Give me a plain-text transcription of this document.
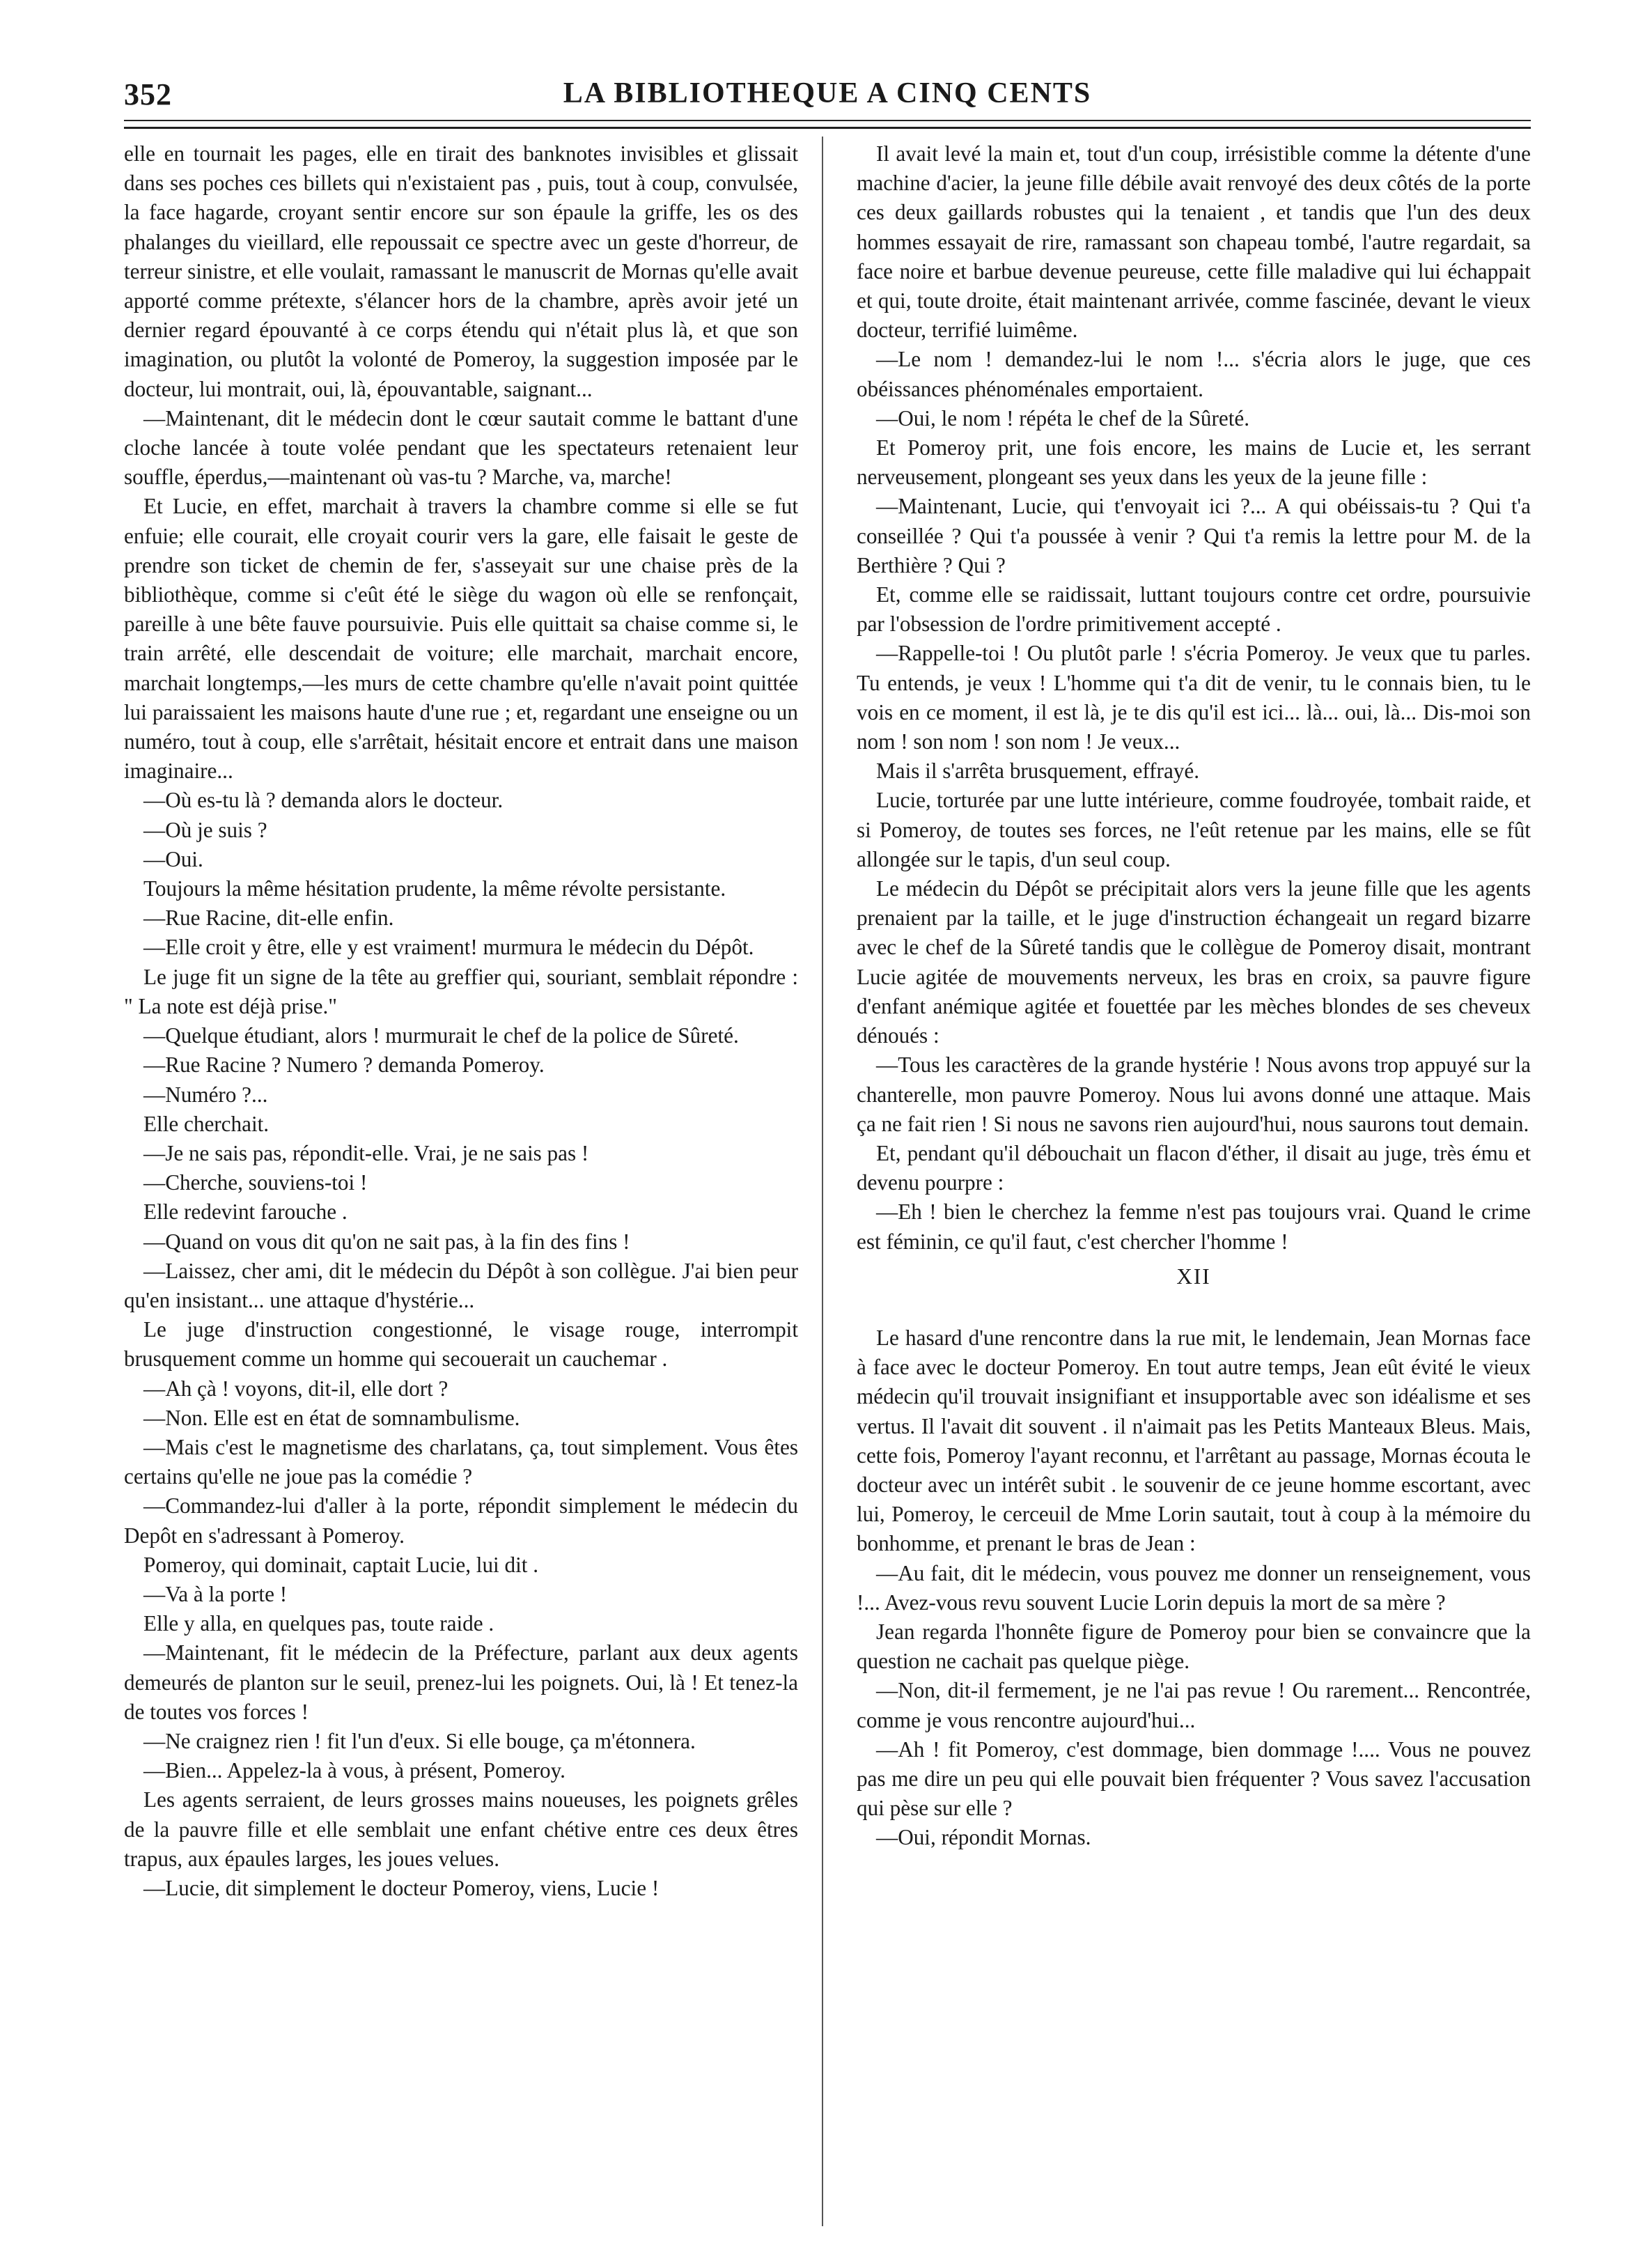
352	LA BIBLIOTHEQUE A CINQ CENTS

elle en tournait les pages, elle en tirait des banknotes invisibles et glissait dans ses poches ces billets qui n'existaient pas , puis, tout à coup, convulsée, la face hagarde, croyant sentir encore sur son épaule la griffe, les os des phalanges du vieillard, elle repoussait ce spectre avec un geste d'horreur, de terreur sinistre, et elle voulait, ramassant le manuscrit de Mornas qu'elle avait apporté comme prétexte, s'élancer hors de la chambre, après avoir jeté un dernier regard épouvanté à ce corps étendu qui n'était plus là, et que son imagination, ou plutôt la volonté de Pomeroy, la suggestion imposée par le docteur, lui montrait, oui, là, épouvantable, saignant...

—Maintenant, dit le médecin dont le cœur sautait comme le battant d'une cloche lancée à toute volée pendant que les spectateurs retenaient leur souffle, éperdus,—maintenant où vas-tu ? Marche, va, marche!

Et Lucie, en effet, marchait à travers la chambre comme si elle se fut enfuie; elle courait, elle croyait courir vers la gare, elle faisait le geste de prendre son ticket de chemin de fer, s'asseyait sur une chaise près de la bibliothèque, comme si c'eût été le siège du wagon où elle se renfonçait, pareille à une bête fauve poursuivie. Puis elle quittait sa chaise comme si, le train arrêté, elle descendait de voiture; elle marchait, marchait encore, marchait longtemps,—les murs de cette chambre qu'elle n'avait point quittée lui paraissaient les maisons haute d'une rue ; et, regardant une enseigne ou un numéro, tout à coup, elle s'arrêtait, hésitait encore et entrait dans une maison imaginaire...

—Où es-tu là ? demanda alors le docteur.

—Où je suis ?

—Oui.

Toujours la même hésitation prudente, la même révolte persistante.

—Rue Racine, dit-elle enfin.

—Elle croit y être, elle y est vraiment! murmura le médecin du Dépôt.

Le juge fit un signe de la tête au greffier qui, souriant, semblait répondre : " La note est déjà prise."

—Quelque étudiant, alors ! murmurait le chef de la police de Sûreté.

—Rue Racine ? Numero ? demanda Pomeroy.

—Numéro ?...

Elle cherchait.

—Je ne sais pas, répondit-elle. Vrai, je ne sais pas !

—Cherche, souviens-toi !

Elle redevint farouche .

—Quand on vous dit qu'on ne sait pas, à la fin des fins !

—Laissez, cher ami, dit le médecin du Dépôt à son collègue. J'ai bien peur qu'en insistant... une attaque d'hystérie...

Le juge d'instruction congestionné, le visage rouge, interrompit brusquement comme un homme qui secouerait un cauchemar .

—Ah çà ! voyons, dit-il, elle dort ?

—Non. Elle est en état de somnambulisme.

—Mais c'est le magnetisme des charlatans, ça, tout simplement. Vous êtes certains qu'elle ne joue pas la comédie ?

—Commandez-lui d'aller à la porte, répondit simplement le médecin du Depôt en s'adressant à Pomeroy.

Pomeroy, qui dominait, captait Lucie, lui dit .

—Va à la porte !

Elle y alla, en quelques pas, toute raide .

—Maintenant, fit le médecin de la Préfecture, parlant aux deux agents demeurés de planton sur le seuil, prenez-lui les poignets. Oui, là ! Et tenez-la de toutes vos forces !

—Ne craignez rien ! fit l'un d'eux. Si elle bouge, ça m'étonnera.

—Bien... Appelez-la à vous, à présent, Pomeroy.

Les agents serraient, de leurs grosses mains noueuses, les poignets grêles de la pauvre fille et elle semblait une enfant chétive entre ces deux êtres trapus, aux épaules larges, les joues velues.

—Lucie, dit simplement le docteur Pomeroy, viens, Lucie !

Il avait levé la main et, tout d'un coup, irrésistible comme la détente d'une machine d'acier, la jeune fille débile avait renvoyé des deux côtés de la porte ces deux gaillards robustes qui la tenaient , et tandis que l'un des deux hommes essayait de rire, ramassant son chapeau tombé, l'autre regardait, sa face noire et barbue devenue peureuse, cette fille maladive qui lui échappait et qui, toute droite, était maintenant arrivée, comme fascinée, devant le vieux docteur, terrifié luimême.

—Le nom ! demandez-lui le nom !... s'écria alors le juge, que ces obéissances phénoménales emportaient.

—Oui, le nom ! répéta le chef de la Sûreté.

Et Pomeroy prit, une fois encore, les mains de Lucie et, les serrant nerveusement, plongeant ses yeux dans les yeux de la jeune fille :

—Maintenant, Lucie, qui t'envoyait ici ?... A qui obéissais-tu ? Qui t'a conseillée ? Qui t'a poussée à venir ? Qui t'a remis la lettre pour M. de la Berthière ? Qui ?

Et, comme elle se raidissait, luttant toujours contre cet ordre, poursuivie par l'obsession de l'ordre primitivement accepté .

—Rappelle-toi ! Ou plutôt parle ! s'écria Pomeroy. Je veux que tu parles. Tu entends, je veux ! L'homme qui t'a dit de venir, tu le connais bien, tu le vois en ce moment, il est là, je te dis qu'il est ici... là... oui, là... Dis-moi son nom ! son nom ! son nom ! Je veux...

Mais il s'arrêta brusquement, effrayé.

Lucie, torturée par une lutte intérieure, comme foudroyée, tombait raide, et si Pomeroy, de toutes ses forces, ne l'eût retenue par les mains, elle se fût allongée sur le tapis, d'un seul coup.

Le médecin du Dépôt se précipitait alors vers la jeune fille que les agents prenaient par la taille, et le juge d'instruction échangeait un regard bizarre avec le chef de la Sûreté tandis que le collègue de Pomeroy disait, montrant Lucie agitée de mouvements nerveux, les bras en croix, sa pauvre figure d'enfant anémique agitée et fouettée par les mèches blondes de ses cheveux dénoués :

—Tous les caractères de la grande hystérie ! Nous avons trop appuyé sur la chanterelle, mon pauvre Pomeroy. Nous lui avons donné une attaque. Mais ça ne fait rien ! Si nous ne savons rien aujourd'hui, nous saurons tout demain.

Et, pendant qu'il débouchait un flacon d'éther, il disait au juge, très ému et devenu pourpre :

—Eh ! bien le cherchez la femme n'est pas toujours vrai. Quand le crime est féminin, ce qu'il faut, c'est chercher l'homme !

XII

Le hasard d'une rencontre dans la rue mit, le lendemain, Jean Mornas face à face avec le docteur Pomeroy. En tout autre temps, Jean eût évité le vieux médecin qu'il trouvait insignifiant et insupportable avec son idéalisme et ses vertus. Il l'avait dit souvent . il n'aimait pas les Petits Manteaux Bleus. Mais, cette fois, Pomeroy l'ayant reconnu, et l'arrêtant au passage, Mornas écouta le docteur avec un intérêt subit . le souvenir de ce jeune homme escortant, avec lui, Pomeroy, le cerceuil de Mme Lorin sautait, tout à coup à la mémoire du bonhomme, et prenant le bras de Jean :

—Au fait, dit le médecin, vous pouvez me donner un renseignement, vous !... Avez-vous revu souvent Lucie Lorin depuis la mort de sa mère ?

Jean regarda l'honnête figure de Pomeroy pour bien se convaincre que la question ne cachait pas quelque piège.

—Non, dit-il fermement, je ne l'ai pas revue ! Ou rarement... Rencontrée, comme je vous rencontre aujourd'hui...

—Ah ! fit Pomeroy, c'est dommage, bien dommage !.... Vous ne pouvez pas me dire un peu qui elle pouvait bien fréquenter ? Vous savez l'accusation qui pèse sur elle ?

—Oui, répondit Mornas.
